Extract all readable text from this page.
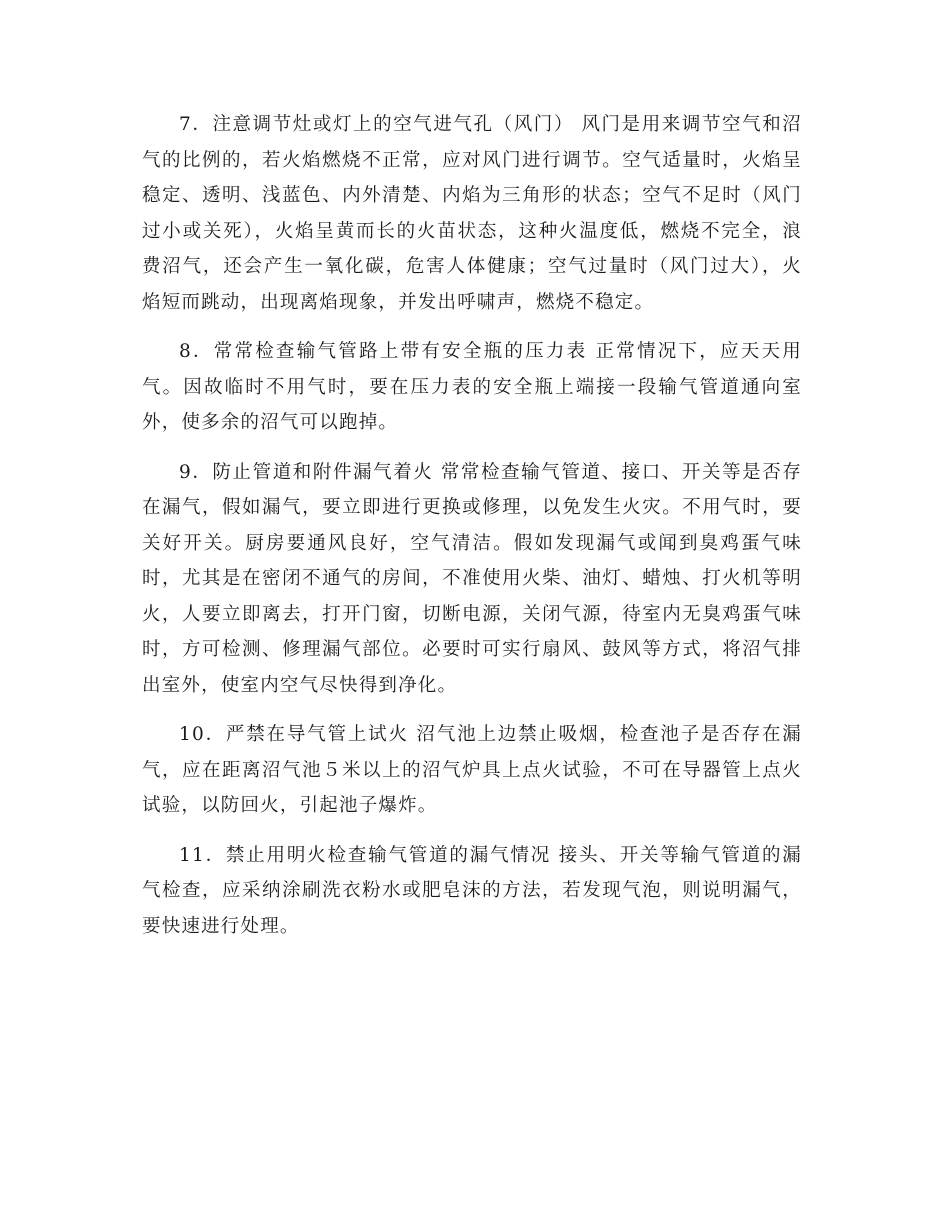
7．注意调节灶或灯上的空气进气孔（风门） 风门是用来调节空气和沼气的比例的，若火焰燃烧不正常，应对风门进行调节。空气适量时，火焰呈稳定、透明、浅蓝色、内外清楚、内焰为三角形的状态；空气不足时（风门过小或关死），火焰呈黄而长的火苗状态，这种火温度低，燃烧不完全，浪费沼气，还会产生一氧化碳，危害人体健康；空气过量时（风门过大），火焰短而跳动，出现离焰现象，并发出呼啸声，燃烧不稳定。

8．常常检查输气管路上带有安全瓶的压力表 正常情况下，应天天用气。因故临时不用气时，要在压力表的安全瓶上端接一段输气管道通向室外，使多余的沼气可以跑掉。

9．防止管道和附件漏气着火 常常检查输气管道、接口、开关等是否存在漏气，假如漏气，要立即进行更换或修理，以免发生火灾。不用气时，要关好开关。厨房要通风良好，空气清洁。假如发现漏气或闻到臭鸡蛋气味时，尤其是在密闭不通气的房间，不准使用火柴、油灯、蜡烛、打火机等明火，人要立即离去，打开门窗，切断电源，关闭气源，待室内无臭鸡蛋气味时，方可检测、修理漏气部位。必要时可实行扇风、鼓风等方式，将沼气排出室外，使室内空气尽快得到净化。

10．严禁在导气管上试火 沼气池上边禁止吸烟，检查池子是否存在漏气，应在距离沼气池５米以上的沼气炉具上点火试验，不可在导器管上点火试验，以防回火，引起池子爆炸。

11．禁止用明火检查输气管道的漏气情况 接头、开关等输气管道的漏气检查，应采纳涂刷洗衣粉水或肥皂沫的方法，若发现气泡，则说明漏气，要快速进行处理。
